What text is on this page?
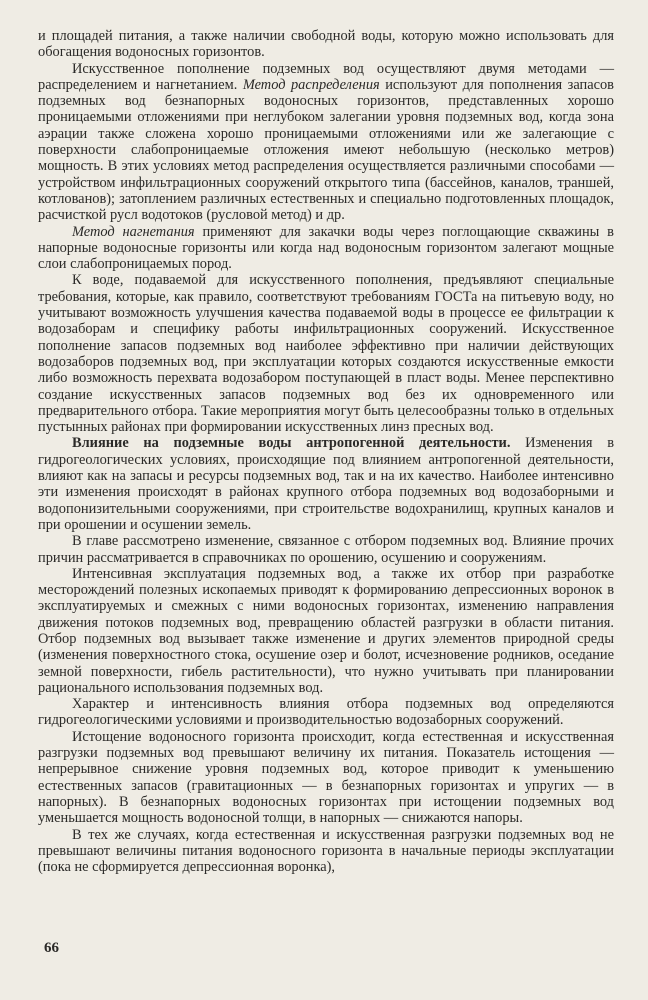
и площадей питания, а также наличии свободной воды, которую можно использовать для обогащения водоносных горизонтов.

Искусственное пополнение подземных вод осуществляют двумя методами — распределением и нагнетанием. Метод распределения используют для пополнения запасов подземных вод безнапорных водоносных горизонтов, представленных хорошо проницаемыми отложениями при неглубоком залегании уровня подземных вод, когда зона аэрации также сложена хорошо проницаемыми отложениями или же залегающие с поверхности слабопроницаемые отложения имеют небольшую (несколько метров) мощность. В этих условиях метод распределения осуществляется различными способами — устройством инфильтрационных сооружений открытого типа (бассейнов, каналов, траншей, котлованов); затоплением различных естественных и специально подготовленных площадок, расчисткой русл водотоков (русловой метод) и др.

Метод нагнетания применяют для закачки воды через поглощающие скважины в напорные водоносные горизонты или когда над водоносным горизонтом залегают мощные слои слабопроницаемых пород.

К воде, подаваемой для искусственного пополнения, предъявляют специальные требования, которые, как правило, соответствуют требованиям ГОСТа на питьевую воду, но учитывают возможность улучшения качества подаваемой воды в процессе ее фильтрации к водозаборам и специфику работы инфильтрационных сооружений. Искусственное пополнение запасов подземных вод наиболее эффективно при наличии действующих водозаборов подземных вод, при эксплуатации которых создаются искусственные емкости либо возможность перехвата водозабором поступающей в пласт воды. Менее перспективно создание искусственных запасов подземных вод без их одновременного или предварительного отбора. Такие мероприятия могут быть целесообразны только в отдельных пустынных районах при формировании искусственных линз пресных вод.

Влияние на подземные воды антропогенной деятельности. Изменения в гидрогеологических условиях, происходящие под влиянием антропогенной деятельности, влияют как на запасы и ресурсы подземных вод, так и на их качество. Наиболее интенсивно эти изменения происходят в районах крупного отбора подземных вод водозаборными и водопонизительными сооружениями, при строительстве водохранилищ, крупных каналов и при орошении и осушении земель.

В главе рассмотрено изменение, связанное с отбором подземных вод. Влияние прочих причин рассматривается в справочниках по орошению, осушению и сооружениям.

Интенсивная эксплуатация подземных вод, а также их отбор при разработке месторождений полезных ископаемых приводят к формированию депрессионных воронок в эксплуатируемых и смежных с ними водоносных горизонтах, изменению направления движения потоков подземных вод, превращению областей разгрузки в области питания. Отбор подземных вод вызывает также изменение и других элементов природной среды (изменения поверхностного стока, осушение озер и болот, исчезновение родников, оседание земной поверхности, гибель растительности), что нужно учитывать при планировании рационального использования подземных вод.

Характер и интенсивность влияния отбора подземных вод определяются гидрогеологическими условиями и производительностью водозаборных сооружений.

Истощение водоносного горизонта происходит, когда естественная и искусственная разгрузки подземных вод превышают величину их питания. Показатель истощения — непрерывное снижение уровня подземных вод, которое приводит к уменьшению естественных запасов (гравитационных — в безнапорных горизонтах и упругих — в напорных). В безнапорных водоносных горизонтах при истощении подземных вод уменьшается мощность водоносной толщи, в напорных — снижаются напоры.

В тех же случаях, когда естественная и искусственная разгрузки подземных вод не превышают величины питания водоносного горизонта в начальные периоды эксплуатации (пока не сформируется депрессионная воронка),

66
